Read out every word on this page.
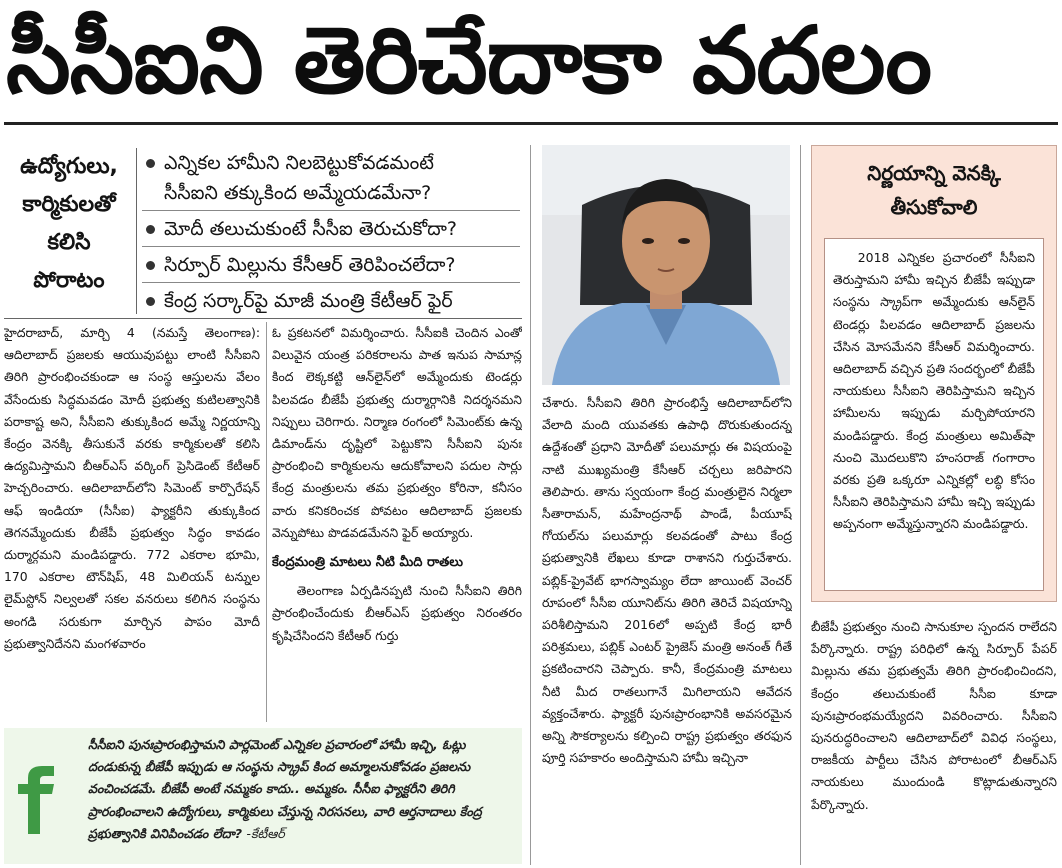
సీసీఐని తెరిచేదాకా వదలం
ఉద్యోగులు,
కార్మికులతో
కలిసి
పోరాటం
ఎన్నికల హామీని నిలబెట్టుకోవడమంటే
సీసీఐని తక్కుకింద అమ్మేయడమేనా?
మోదీ తలుచుకుంటే సీసీఐ తెరుచుకోదా?
సిర్పూర్ మిల్లును కేసీఆర్ తెరిపించలేదా?
కేంద్ర సర్కార్‌పై మాజీ మంత్రి కేటీఆర్ ఫైర్

హైదరాబాద్, మార్చి 4 (నమస్తే తెలంగాణ): ఆదిలాబాద్ ప్రజలకు ఆయువుపట్టు లాంటి సీసీఐని తిరిగి ప్రారంభించకుండా ఆ సంస్థ ఆస్తులను వేలం వేసేందుకు సిద్ధమవడం మోదీ ప్రభుత్వ కుటిలత్వానికి పరాకాష్ట అని, సీసీఐని తుక్కుకింద అమ్మే నిర్ణయాన్ని కేంద్రం వెనక్కి తీసుకునే వరకు కార్మికులతో కలిసి ఉద్యమిస్తామని బీఆర్ఎస్ వర్కింగ్ ప్రెసిడెంట్ కేటీఆర్ హెచ్చరించారు. ఆదిలాబాద్‌లోని సిమెంట్ కార్పొరేషన్ ఆఫ్ ఇండియా (సీసీఐ) ఫ్యాక్టరీని తుక్కుకింద తెగనమ్మేందుకు బీజేపీ ప్రభుత్వం సిద్ధం కావడం దుర్మార్గమని మండిపడ్డారు. 772 ఎకరాల భూమి, 170 ఎకరాల టౌన్‌షిప్, 48 మిలియన్ టన్నుల లైమ్‌స్టోన్ నిల్వలతో సకల వనరులు కలిగిన సంస్థను అంగడి సరుకుగా మార్చిన పాపం మోదీ ప్రభుత్వానిదేనని మంగళవారం

ఓ ప్రకటనలో విమర్శించారు. సీసీఐకి చెందిన ఎంతో విలువైన యంత్ర పరికరాలను పాత ఇనుప సామాన్ల కింద లెక్కకట్టి ఆన్‌లైన్‌లో అమ్మేందుకు టెండర్లు పిలవడం బీజేపీ ప్రభుత్వ దుర్మార్గానికి నిదర్శనమని నిప్పులు చెరిగారు. నిర్మాణ రంగంలో సిమెంట్‌కు ఉన్న డిమాండ్‌ను దృష్టిలో పెట్టుకొని సీసీఐని పునః ప్రారంభించి కార్మికులను ఆదుకోవాలని పదుల సార్లు కేంద్ర మంత్రులను తమ ప్రభుత్వం కోరినా, కనీసం వారు కనికరించక పోవటం ఆదిలాబాద్ ప్రజలకు వెన్నుపోటు పొడవడమేనని ఫైర్ అయ్యారు.

కేంద్రమంత్రి మాటలు నీటి మీది రాతలు

తెలంగాణ ఏర్పడినప్పటి నుంచి సీసీఐని తిరిగి ప్రారంభించేందుకు బీఆర్ఎస్ ప్రభుత్వం నిరంతరం కృషిచేసిందని కేటీఆర్ గుర్తు

చేశారు. సీసీఐని తిరిగి ప్రారంభిస్తే ఆదిలాబాద్‌లోని వేలాది మంది యువతకు ఉపాధి దొరుకుతుందన్న ఉద్దేశంతో ప్రధాని మోదీతో పలుమార్లు ఈ విషయంపై నాటి ముఖ్యమంత్రి కేసీఆర్ చర్చలు జరిపారని తెలిపారు. తాను స్వయంగా కేంద్ర మంత్రులైన నిర్మలా సీతారామన్, మహేంద్రనాథ్ పాండే, పీయూష్ గోయల్‌ను పలుమార్లు కలవడంతో పాటు కేంద్ర ప్రభుత్వానికి లేఖలు కూడా రాశానని గుర్తుచేశారు. పబ్లిక్-ప్రైవేట్ భాగస్వామ్యం లేదా జాయింట్ వెంచర్ రూపంలో సీసీఐ యూనిట్‌ను తిరిగి తెరిచే విషయాన్ని పరిశీలిస్తామని 2016లో అప్పటి కేంద్ర భారీ పరిశ్రమలు, పబ్లిక్ ఎంటర్ ప్రైజెస్ మంత్రి అనంత్ గీతే ప్రకటించారని చెప్పారు. కానీ, కేంద్రమంత్రి మాటలు నీటి మీద రాతలుగానే మిగిలాయని ఆవేదన వ్యక్తంచేశారు. ఫ్యాక్టరీ పునఃప్రారంభానికి అవసరమైన అన్ని సౌకర్యాలను కల్పించి రాష్ట్ర ప్రభుత్వం తరఫున పూర్తి సహకారం అందిస్తామని హామీ ఇచ్చినా

నిర్ణయాన్ని వెనక్కి
తీసుకోవాలి

2018 ఎన్నికల ప్రచారంలో సీసీఐని తెరుస్తామని హామీ ఇచ్చిన బీజేపీ ఇప్పుడా సంస్థను స్క్రాప్‌గా అమ్మేందుకు ఆన్‌లైన్ టెండర్లు పిలవడం ఆదిలాబాద్ ప్రజలను చేసిన మోసమేనని కేసీఆర్ విమర్శించారు. ఆదిలాబాద్ వచ్చిన ప్రతి సందర్భంలో బీజేపీ నాయకులు సీసీఐని తెరిపిస్తామని ఇచ్చిన హామీలను ఇప్పుడు మర్చిపోయారని మండిపడ్డారు. కేంద్ర మంత్రులు అమిత్‌షా నుంచి మొదలుకొని హంసరాజ్ గంగారాం వరకు ప్రతి ఒక్కరూ ఎన్నికల్లో లబ్ధి కోసం సీసీఐని తెరిపిస్తామని హామీ ఇచ్చి ఇప్పుడు అప్పనంగా అమ్మేస్తున్నారని మండిపడ్డారు.

బీజేపీ ప్రభుత్వం నుంచి సానుకూల స్పందన రాలేదని పేర్కొన్నారు. రాష్ట్ర పరిధిలో ఉన్న సిర్పూర్ పేపర్ మిల్లును తమ ప్రభుత్వమే తిరిగి ప్రారంభించిందని, కేంద్రం తలుచుకుంటే సీసీఐ కూడా పునఃప్రారంభమయ్యేదని వివరించారు. సీసీఐని పునరుద్ధరించాలని ఆదిలాబాద్‌లో వివిధ సంస్థలు, రాజకీయ పార్టీలు చేసిన పోరాటంలో బీఆర్ఎస్ నాయకులు ముందుండి కొట్లాడుతున్నారని పేర్కొన్నారు.

సీసీఐని పునఃప్రారంభిస్తామని పార్లమెంట్ ఎన్నికల ప్రచారంలో హామీ ఇచ్చి, ఓట్లు దండుకున్న బీజేపీ ఇప్పుడు ఆ సంస్థను స్క్రాప్ కింద అమ్మాలనుకోవడం ప్రజలను వంచించడమే. బీజేపీ అంటే నమ్మకం కాదు.. అమ్మకం. సీసీఐ ఫ్యాక్టరీని తిరిగి ప్రారంభించాలని ఉద్యోగులు, కార్మికులు చేస్తున్న నిరసనలు, వారి ఆర్తనాదాలు కేంద్ర ప్రభుత్వానికి వినిపించడం లేదా? -కేటీఆర్
